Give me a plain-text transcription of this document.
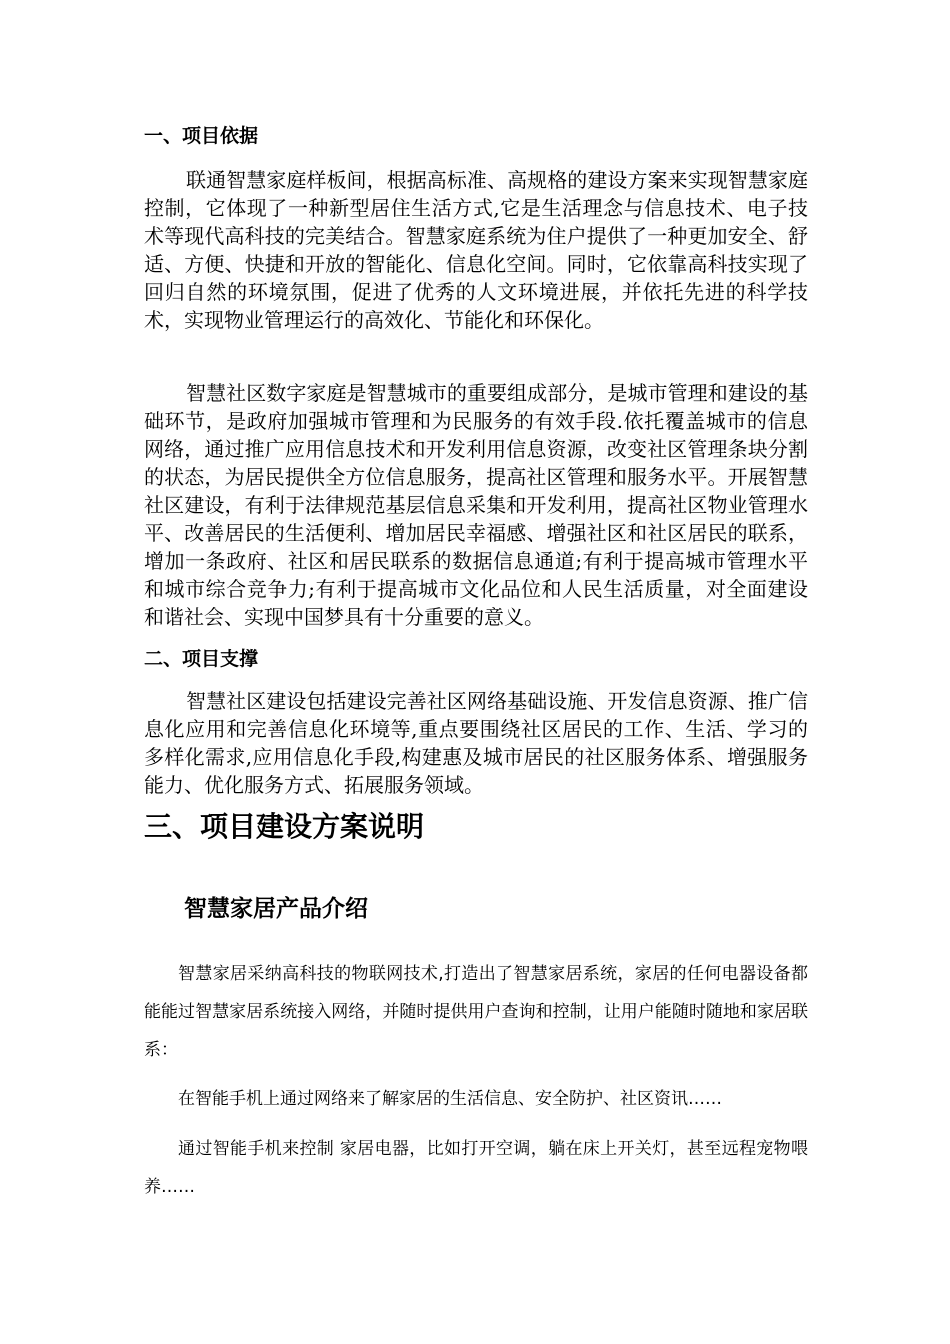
一、项目依据

联通智慧家庭样板间，根据高标准、高规格的建设方案来实现智慧家庭控制，它体现了一种新型居住生活方式,它是生活理念与信息技术、电子技术等现代高科技的完美结合。智慧家庭系统为住户提供了一种更加安全、舒适、方便、快捷和开放的智能化、信息化空间。同时，它依靠高科技实现了回归自然的环境氛围，促进了优秀的人文环境进展，并依托先进的科学技术，实现物业管理运行的高效化、节能化和环保化。

智慧社区数字家庭是智慧城市的重要组成部分，是城市管理和建设的基础环节，是政府加强城市管理和为民服务的有效手段.依托覆盖城市的信息网络，通过推广应用信息技术和开发利用信息资源，改变社区管理条块分割的状态，为居民提供全方位信息服务，提高社区管理和服务水平。开展智慧社区建设，有利于法律规范基层信息采集和开发利用，提高社区物业管理水平、改善居民的生活便利、增加居民幸福感、增强社区和社区居民的联系，增加一条政府、社区和居民联系的数据信息通道;有利于提高城市管理水平和城市综合竞争力;有利于提高城市文化品位和人民生活质量，对全面建设和谐社会、实现中国梦具有十分重要的意义。

二、项目支撑

智慧社区建设包括建设完善社区网络基础设施、开发信息资源、推广信息化应用和完善信息化环境等,重点要围绕社区居民的工作、生活、学习的多样化需求,应用信息化手段,构建惠及城市居民的社区服务体系、增强服务能力、优化服务方式、拓展服务领域。

三、项目建设方案说明
智慧家居产品介绍

智慧家居采纳高科技的物联网技术,打造出了智慧家居系统，家居的任何电器设备都能能过智慧家居系统接入网络，并随时提供用户查询和控制，让用户能随时随地和家居联系：

在智能手机上通过网络来了解家居的生活信息、安全防护、社区资讯……

通过智能手机来控制 家居电器，比如打开空调，躺在床上开关灯，甚至远程宠物喂养……
